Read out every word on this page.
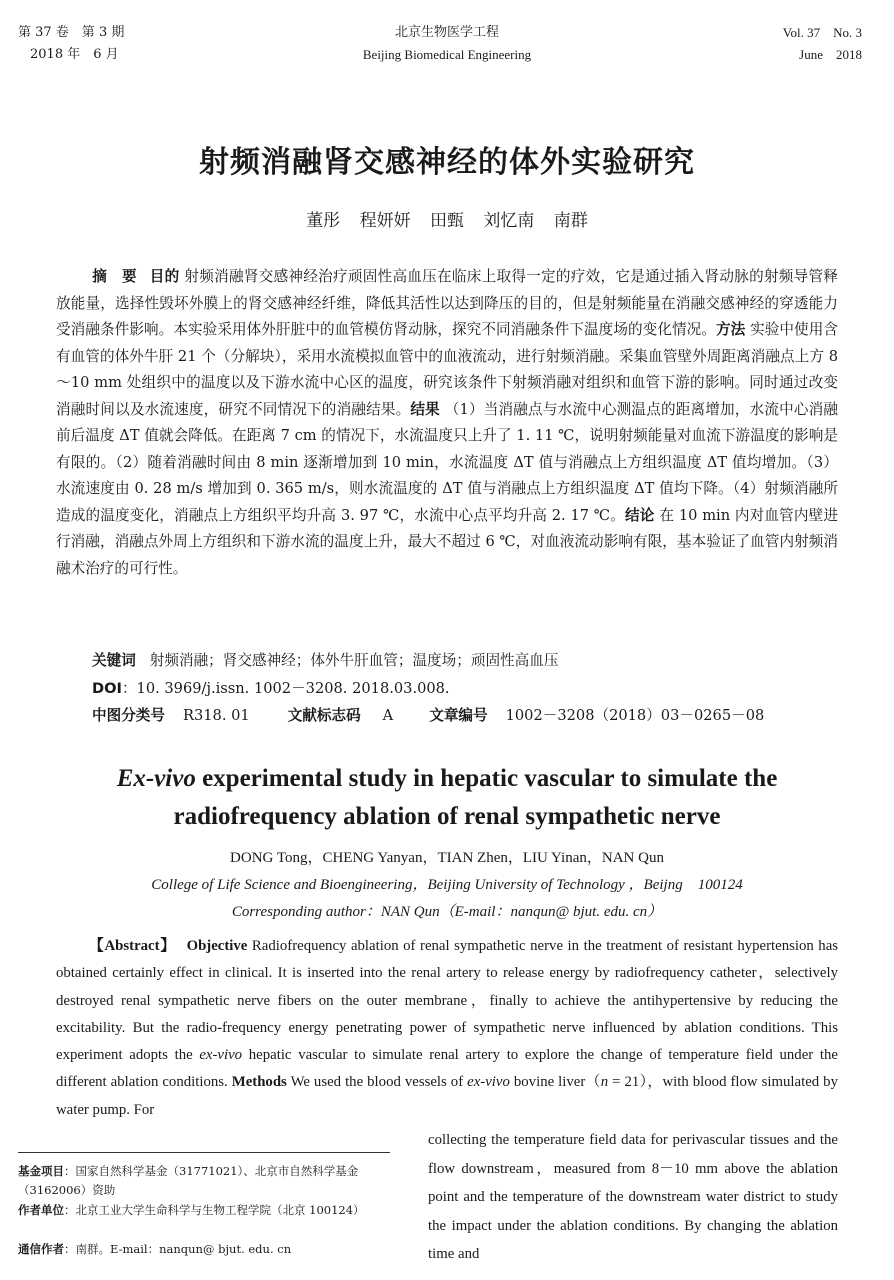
第 37 卷　第 3 期
2018 年　6 月
北京生物医学工程
Beijing Biomedical Engineering
Vol. 37　No. 3
June　2018
射频消融肾交感神经的体外实验研究
董彤 程妍妍 田甄 刘忆南 南群
摘　要 目的 射频消融肾交感神经治疗顽固性高血压在临床上取得一定的疗效，它是通过插入肾动脉的射频导管释放能量，选择性毁坏外膜上的肾交感神经纤维，降低其活性以达到降压的目的，但是射频能量在消融交感神经的穿透能力受消融条件影响。本实验采用体外肝脏中的血管模仿肾动脉，探究不同消融条件下温度场的变化情况。方法 实验中使用含有血管的体外牛肝 21 个（分解块），采用水流模拟血管中的血液流动，进行射频消融。采集血管壁外周距离消融点上方 8～10 mm 处组织中的温度以及下游水流中心区的温度，研究该条件下射频消融对组织和血管下游的影响。同时通过改变消融时间以及水流速度，研究不同情况下的消融结果。结果 （1）当消融点与水流中心测温点的距离增加，水流中心消融前后温度 ΔT 值就会降低。在距离 7 cm 的情况下，水流温度只上升了 1. 11 ℃，说明射频能量对血流下游温度的影响是有限的。（2）随着消融时间由 8 min 逐渐增加到 10 min，水流温度 ΔT 值与消融点上方组织温度 ΔT 值均增加。（3）水流速度由 0. 28 m/s 增加到 0. 365 m/s，则水流温度的 ΔT 值与消融点上方组织温度 ΔT 值均下降。（4）射频消融所造成的温度变化，消融点上方组织平均升高 3. 97 ℃，水流中心点平均升高 2. 17 ℃。结论 在 10 min 内对血管内壁进行消融，消融点外周上方组织和下游水流的温度上升，最大不超过 6 ℃，对血液流动影响有限，基本验证了血管内射频消融术治疗的可行性。
关键词 射频消融；肾交感神经；体外牛肝血管；温度场；顽固性高血压
DOI：10. 3969/j.issn. 1002－3208. 2018.03.008.
中图分类号 R318. 01	文献标志码 A 文章编号 1002－3208（2018）03－0265－08
Ex-vivo experimental study in hepatic vascular to simulate the
radiofrequency ablation of renal sympathetic nerve
DONG Tong，CHENG Yanyan，TIAN Zhen，LIU Yinan，NAN Qun
College of Life Science and Bioengineering，Beijing University of Technology ，Beijng　100124
Corresponding author：NAN Qun（E-mail：nanqun@ bjut. edu. cn）
【Abstract】 Objective Radiofrequency ablation of renal sympathetic nerve in the treatment of resistant hypertension has obtained certainly effect in clinical. It is inserted into the renal artery to release energy by radiofrequency catheter，selectively destroyed renal sympathetic nerve fibers on the outer membrane，finally to achieve the antihypertensive by reducing the excitability. But the radio-frequency energy penetrating power of sympathetic nerve influenced by ablation conditions. This experiment adopts the ex-vivo hepatic vascular to simulate renal artery to explore the change of temperature field under the different ablation conditions. Methods We used the blood vessels of ex-vivo bovine liver（n = 21），with blood flow simulated by water pump. For
collecting the temperature field data for perivascular tissues and the flow downstream，measured from 8－10 mm above the ablation point and the temperature of the downstream water district to study the impact under the ablation conditions. By changing the ablation time and
基金项目：国家自然科学基金（31771021）、北京市自然科学基金（3162006）资助
作者单位：北京工业大学生命科学与生物工程学院（北京 100124）
通信作者：南群。E-mail：nanqun@ bjut. edu. cn
